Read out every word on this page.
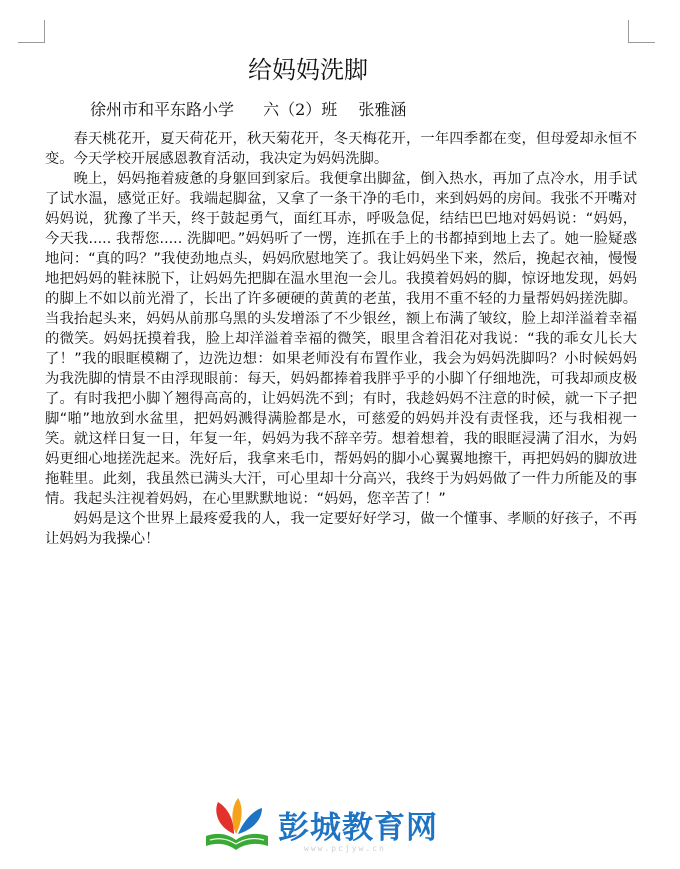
给妈妈洗脚
徐州市和平东路小学 六（2）班 张雅涵

春天桃花开，夏天荷花开，秋天菊花开，冬天梅花开，一年四季都在变，但母爱却永恒不变。今天学校开展感恩教育活动，我决定为妈妈洗脚。

晚上，妈妈拖着疲惫的身躯回到家后。我便拿出脚盆，倒入热水，再加了点冷水，用手试了试水温，感觉正好。我端起脚盆，又拿了一条干净的毛巾，来到妈妈的房间。我张不开嘴对妈妈说，犹豫了半天，终于鼓起勇气，面红耳赤，呼吸急促，结结巴巴地对妈妈说：“妈妈，今天我..... 我帮您..... 洗脚吧。”妈妈听了一愣，连抓在手上的书都掉到地上去了。她一脸疑惑地问：“真的吗？”我使劲地点头，妈妈欣慰地笑了。我让妈妈坐下来，然后，挽起衣袖，慢慢地把妈妈的鞋袜脱下，让妈妈先把脚在温水里泡一会儿。我摸着妈妈的脚，惊讶地发现，妈妈的脚上不如以前光滑了，长出了许多硬硬的黄黄的老茧，我用不重不轻的力量帮妈妈搓洗脚。当我抬起头来，妈妈从前那乌黑的头发增添了不少银丝，额上布满了皱纹，脸上却洋溢着幸福的微笑。妈妈抚摸着我，脸上却洋溢着幸福的微笑，眼里含着泪花对我说：“我的乖女儿长大了！”我的眼眶模糊了，边洗边想：如果老师没有布置作业，我会为妈妈洗脚吗？小时候妈妈为我洗脚的情景不由浮现眼前：每天，妈妈都捧着我胖乎乎的小脚丫仔细地洗，可我却顽皮极了。有时我把小脚丫翘得高高的，让妈妈洗不到；有时，我趁妈妈不注意的时候，就一下子把脚“啪”地放到水盆里，把妈妈溅得满脸都是水，可慈爱的妈妈并没有责怪我，还与我相视一笑。就这样日复一日，年复一年，妈妈为我不辞辛劳。想着想着，我的眼眶浸满了泪水，为妈妈更细心地搓洗起来。洗好后，我拿来毛巾，帮妈妈的脚小心翼翼地擦干，再把妈妈的脚放进拖鞋里。此刻，我虽然已满头大汗，可心里却十分高兴，我终于为妈妈做了一件力所能及的事情。我起头注视着妈妈，在心里默默地说：“妈妈，您辛苦了！”

妈妈是这个世界上最疼爱我的人，我一定要好好学习，做一个懂事、孝顺的好孩子，不再让妈妈为我操心！

彭城教育网
www.pcjyw.cn
